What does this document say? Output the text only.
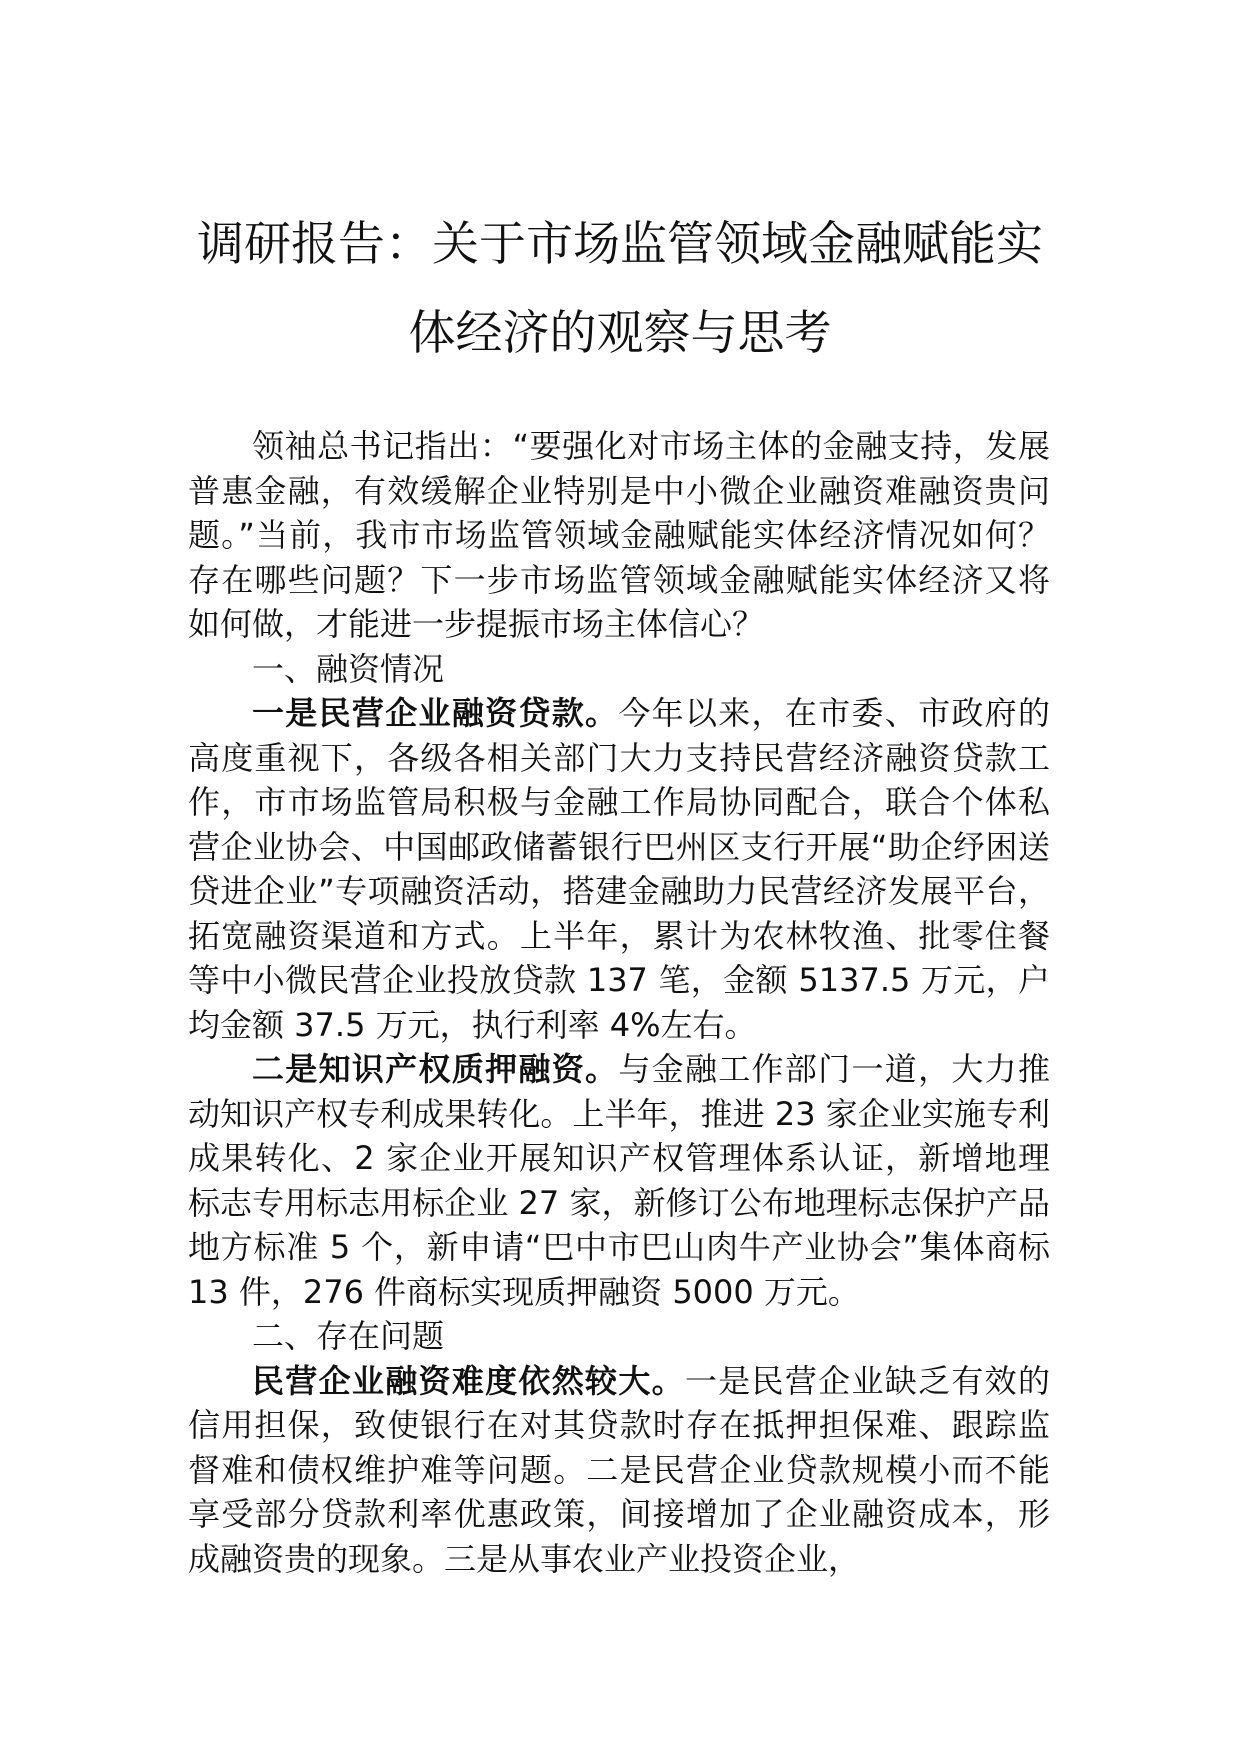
调研报告：关于市场监管领域金融赋能实
体经济的观察与思考

领袖总书记指出：“要强化对市场主体的金融支持，发展普惠金融，有效缓解企业特别是中小微企业融资难融资贵问题。”当前，我市市场监管领域金融赋能实体经济情况如何？存在哪些问题？下一步市场监管领域金融赋能实体经济又将如何做，才能进一步提振市场主体信心？

一、融资情况

一是民营企业融资贷款。今年以来，在市委、市政府的高度重视下，各级各相关部门大力支持民营经济融资贷款工作，市市场监管局积极与金融工作局协同配合，联合个体私营企业协会、中国邮政储蓄银行巴州区支行开展“助企纾困送贷进企业”专项融资活动，搭建金融助力民营经济发展平台，拓宽融资渠道和方式。上半年，累计为农林牧渔、批零住餐等中小微民营企业投放贷款 137 笔，金额 5137.5 万元，户均金额 37.5 万元，执行利率 4%左右。

二是知识产权质押融资。与金融工作部门一道，大力推动知识产权专利成果转化。上半年，推进 23 家企业实施专利成果转化、2 家企业开展知识产权管理体系认证，新增地理标志专用标志用标企业 27 家，新修订公布地理标志保护产品地方标准 5 个，新申请“巴中市巴山肉牛产业协会”集体商标 13 件，276 件商标实现质押融资 5000 万元。

二、存在问题

民营企业融资难度依然较大。一是民营企业缺乏有效的信用担保，致使银行在对其贷款时存在抵押担保难、跟踪监督难和债权维护难等问题。二是民营企业贷款规模小而不能享受部分贷款利率优惠政策，间接增加了企业融资成本，形成融资贵的现象。三是从事农业产业投资企业，
